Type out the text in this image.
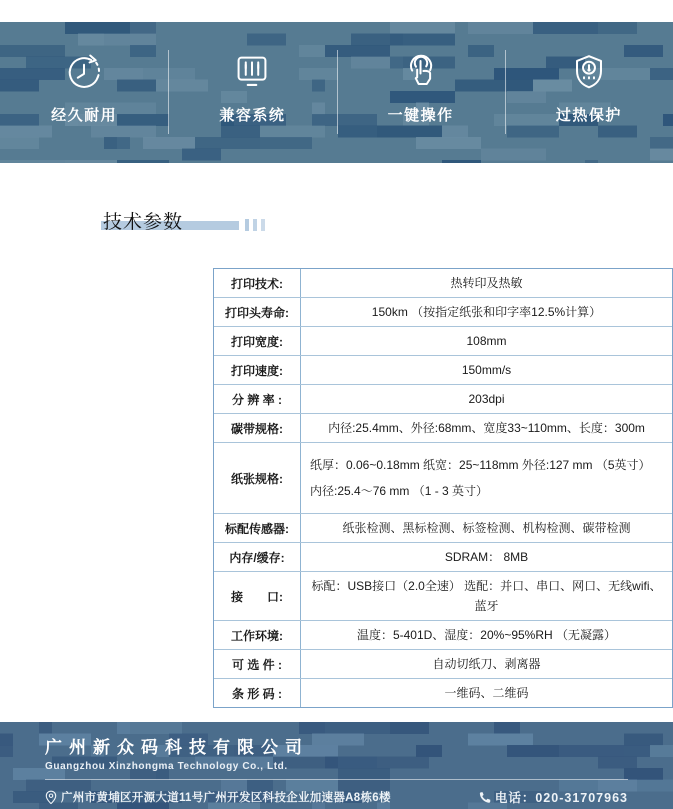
经久耐用	兼容系统	一键操作	过热保护
技术参数
打印技术:	热转印及热敏
打印头寿命:	150km （按指定纸张和印字率12.5%计算）
打印宽度:	108mm
打印速度:	150mm/s
分 辨 率 :	203dpi
碳带规格:	内径:25.4mm、外径:68mm、宽度33~110mm、长度：300m
纸张规格:
纸厚：0.06~0.18mm 纸宽：25~118mm 外径:127 mm （5英寸）
内径:25.4～76 mm （1 - 3 英寸）
标配传感器:	纸张检测、黑标检测、标签检测、机构检测、碳带检测
内存/缓存:	SDRAM： 8MB
接　　口:
标配：USB接口（2.0全速） 选配：并口、串口、网口、无线wifi、蓝牙
工作环境:	温度：5-401D、湿度：20%~95%RH （无凝露）
可 选 件 :	自动切纸刀、剥离器
条 形 码 :	一维码、二维码
广州新众码科技有限公司
Guangzhou Xinzhongma Technology Co., Ltd.
广州市黄埔区开源大道11号广州开发区科技企业加速器A8栋6楼	电话：020-31707963
